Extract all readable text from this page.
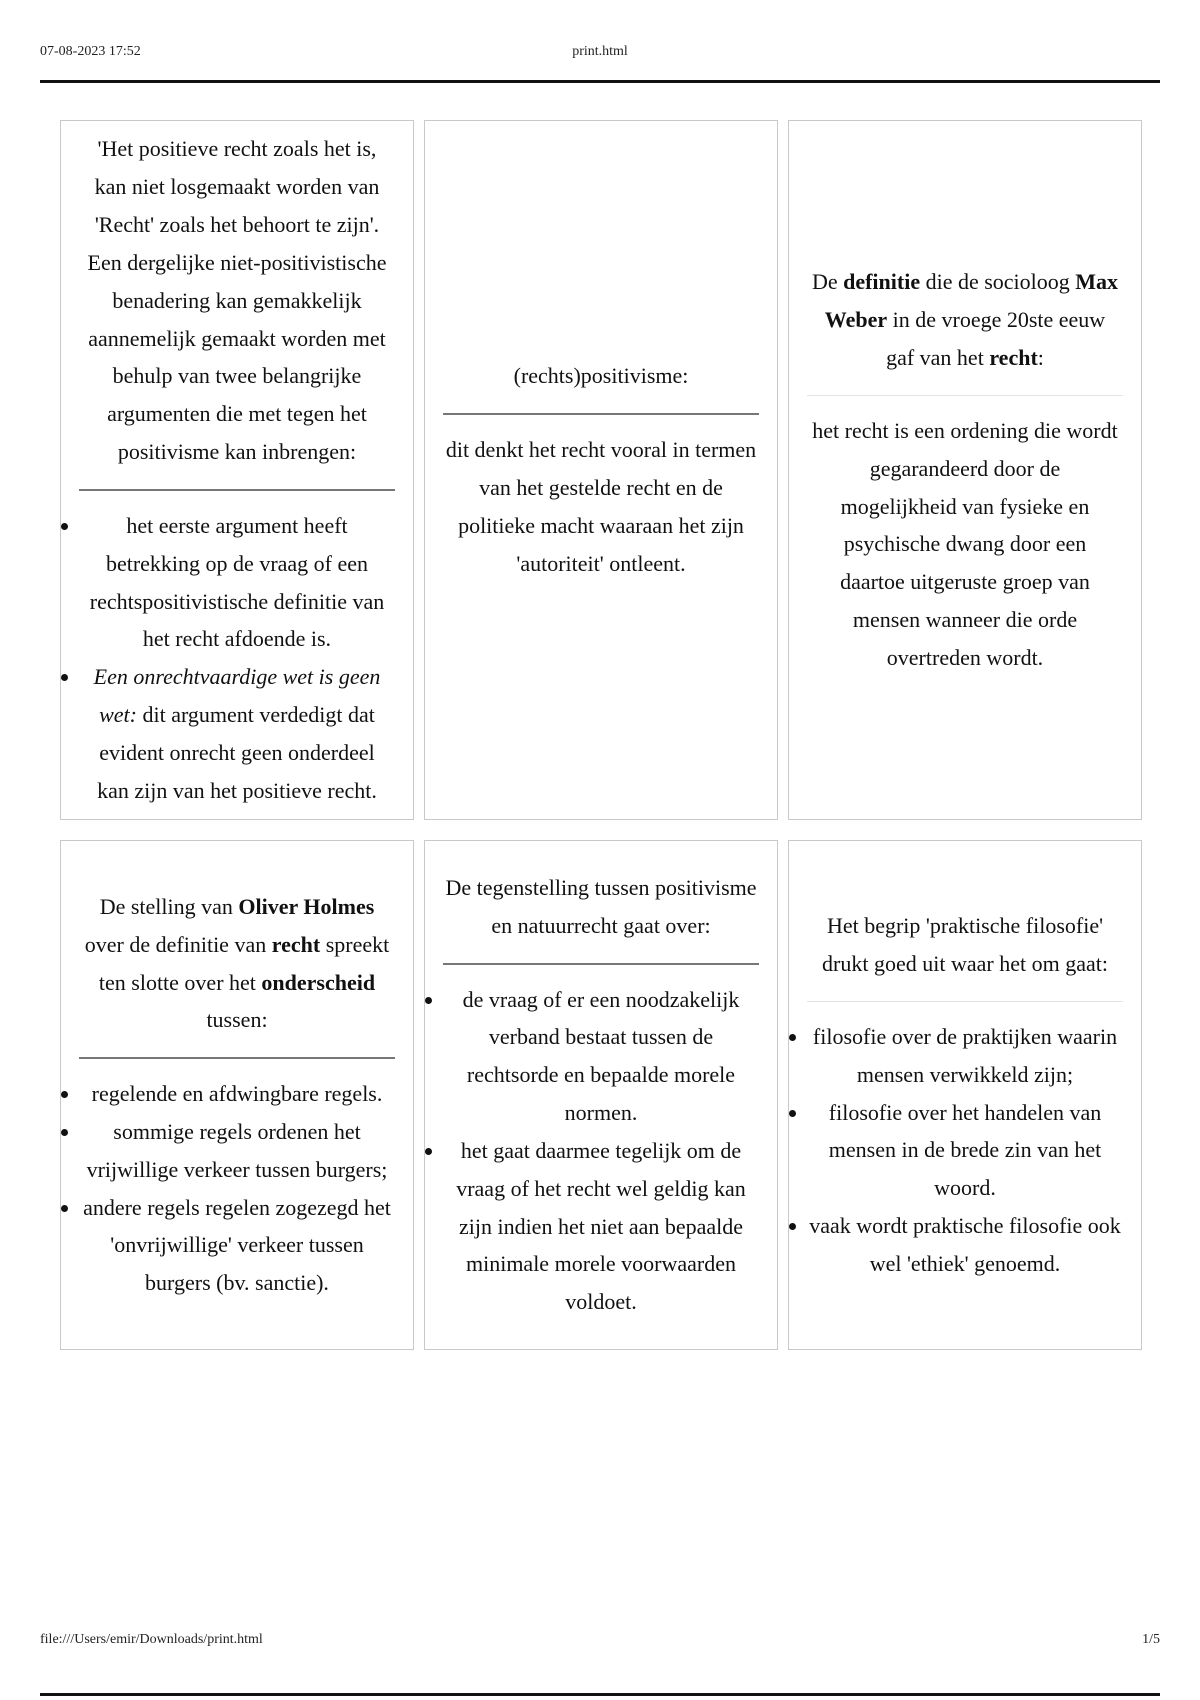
07-08-2023 17:52	print.html
'Het positieve recht zoals het is, kan niet losgemaakt worden van 'Recht' zoals het behoort te zijn'. Een dergelijke niet-positivistische benadering kan gemakkelijk aannemelijk gemaakt worden met behulp van twee belangrijke argumenten die met tegen het positivisme kan inbrengen:
• het eerste argument heeft betrekking op de vraag of een rechtspositivistische definitie van het recht afdoende is.
• Een onrechtvaardige wet is geen wet: dit argument verdedigt dat evident onrecht geen onderdeel kan zijn van het positieve recht.
(rechts)positivisme:
dit denkt het recht vooral in termen van het gestelde recht en de politieke macht waaraan het zijn 'autoriteit' ontleent.
De definitie die de socioloog Max Weber in de vroege 20ste eeuw gaf van het recht:
het recht is een ordening die wordt gegarandeerd door de mogelijkheid van fysieke en psychische dwang door een daartoe uitgeruste groep van mensen wanneer die orde overtreden wordt.
De stelling van Oliver Holmes over de definitie van recht spreekt ten slotte over het onderscheid tussen:
• regelende en afdwingbare regels.
• sommige regels ordenen het vrijwillige verkeer tussen burgers;
• andere regels regelen zogezegd het 'onvrijwillige' verkeer tussen burgers (bv. sanctie).
De tegenstelling tussen positivisme en natuurrecht gaat over:
• de vraag of er een noodzakelijk verband bestaat tussen de rechtsorde en bepaalde morele normen.
• het gaat daarmee tegelijk om de vraag of het recht wel geldig kan zijn indien het niet aan bepaalde minimale morele voorwaarden voldoet.
Het begrip 'praktische filosofie' drukt goed uit waar het om gaat:
• filosofie over de praktijken waarin mensen verwikkeld zijn;
• filosofie over het handelen van mensen in de brede zin van het woord.
• vaak wordt praktische filosofie ook wel 'ethiek' genoemd.
file:///Users/emir/Downloads/print.html	1/5
